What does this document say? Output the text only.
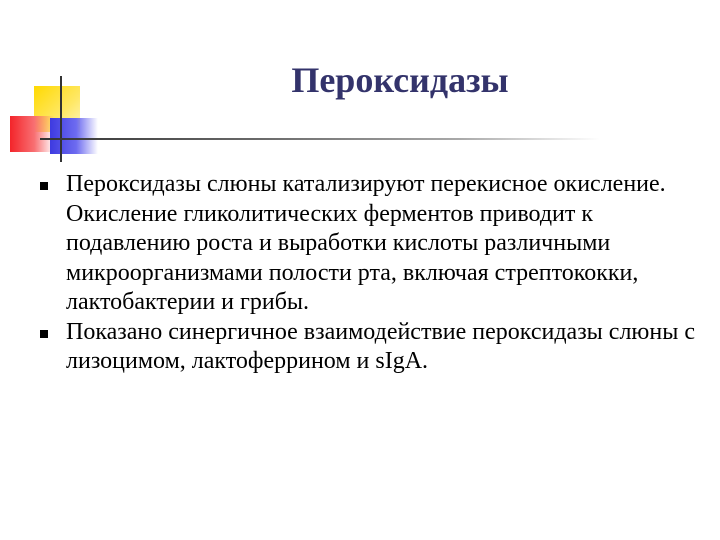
Пероксидазы
Пероксидазы слюны катализируют перекисное окисление. Окисление гликолитических ферментов приводит к подавлению роста и выработки кислоты различными микроорганизмами полости рта, включая стрептококки, лактобактерии и грибы.
Показано синергичное взаимодействие пероксидазы слюны с лизоцимом, лактоферрином и sIgA.
